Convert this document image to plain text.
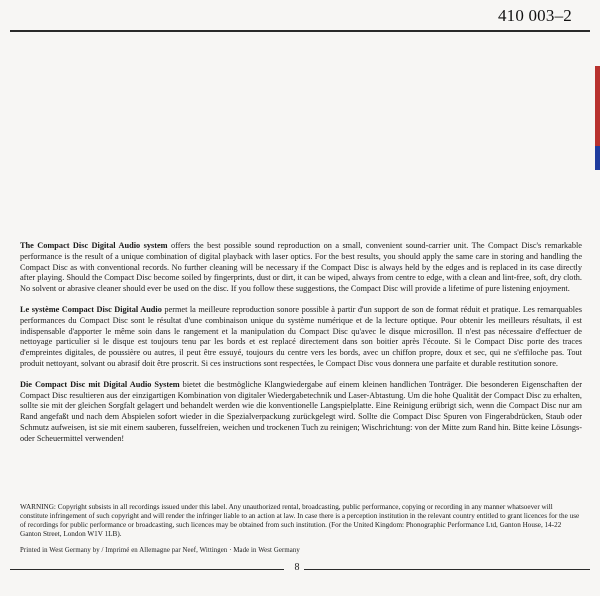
410 003–2

The Compact Disc Digital Audio system offers the best possible sound reproduction on a small, convenient sound-carrier unit. The Compact Disc's remarkable performance is the result of a unique combination of digital playback with laser optics. For the best results, you should apply the same care in storing and handling the Compact Disc as with conventional records. No further cleaning will be necessary if the Compact Disc is always held by the edges and is replaced in its case directly after playing. Should the Compact Disc become soiled by fingerprints, dust or dirt, it can be wiped, always from centre to edge, with a clean and lint-free, soft, dry cloth. No solvent or abrasive cleaner should ever be used on the disc. If you follow these suggestions, the Compact Disc will provide a lifetime of pure listening enjoyment.

Le système Compact Disc Digital Audio permet la meilleure reproduction sonore possible à partir d'un support de son de format réduit et pratique. Les remarquables performances du Compact Disc sont le résultat d'une combinaison unique du système numérique et de la lecture optique. Pour obtenir les meilleurs résultats, il est indispensable d'apporter le même soin dans le rangement et la manipulation du Compact Disc qu'avec le disque microsillon. Il n'est pas nécessaire d'effectuer de nettoyage particulier si le disque est toujours tenu par les bords et est replacé directement dans son boitier après l'écoute. Si le Compact Disc porte des traces d'empreintes digitales, de poussière ou autres, il peut être essuyé, toujours du centre vers les bords, avec un chiffon propre, doux et sec, qui ne s'effiloche pas. Tout produit nettoyant, solvant ou abrasif doit être proscrit. Si ces instructions sont respectées, le Compact Disc vous donnera une parfaite et durable restitution sonore.

Die Compact Disc mit Digital Audio System bietet die bestmögliche Klangwiedergabe auf einem kleinen handlichen Tonträger. Die besonderen Eigenschaften der Compact Disc resultieren aus der einzigartigen Kombination von digitaler Wiedergabetechnik und Laser-Abtastung. Um die hohe Qualität der Compact Disc zu erhalten, sollte sie mit der gleichen Sorgfalt gelagert und behandelt werden wie die konventionelle Langspielplatte. Eine Reinigung erübrigt sich, wenn die Compact Disc nur am Rand angefaßt und nach dem Abspielen sofort wieder in die Spezialverpackung zurückgelegt wird. Sollte die Compact Disc Spuren von Fingerabdrücken, Staub oder Schmutz aufweisen, ist sie mit einem sauberen, fusselfreien, weichen und trockenen Tuch zu reinigen; Wischrichtung: von der Mitte zum Rand hin. Bitte keine Lösungs- oder Scheuermittel verwenden!

WARNING: Copyright subsists in all recordings issued under this label. Any unauthorized rental, broadcasting, public performance, copying or recording in any manner whatsoever will constitute infringement of such copyright and will render the infringer liable to an action at law. In case there is a perception institution in the relevant country entitled to grant licences for the use of recordings for public performance or broadcasting, such licences may be obtained from such institution. (For the United Kingdom: Phonographic Performance Ltd, Ganton House, 14-22 Ganton Street, London W1V 1LB).
Printed in West Germany by / Imprimé en Allemagne par Neef, Wittingen · Made in West Germany
8
